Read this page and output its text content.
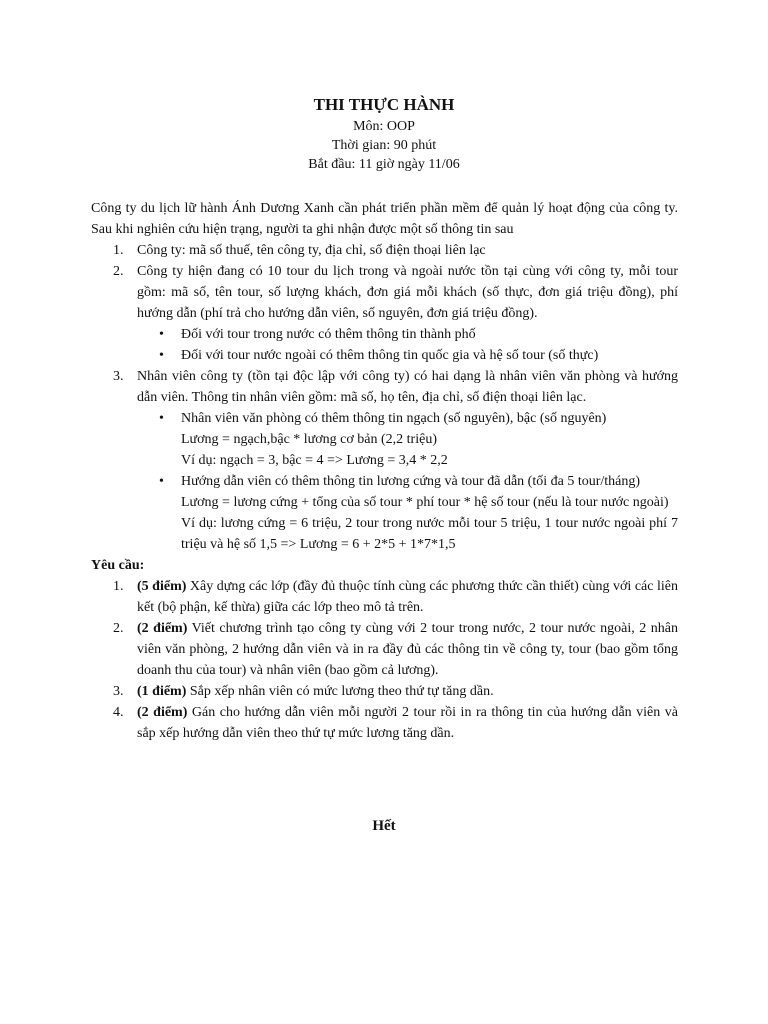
THI THỰC HÀNH

Môn: OOP

Thời gian: 90 phút

Bắt đầu: 11 giờ ngày 11/06

Công ty du lịch lữ hành Ánh Dương Xanh cần phát triển phần mềm để quản lý hoạt động của công ty. Sau khi nghiên cứu hiện trạng, người ta ghi nhận được một số thông tin sau

1. Công ty: mã số thuế, tên công ty, địa chỉ, số điện thoại liên lạc
2. Công ty hiện đang có 10 tour du lịch trong và ngoài nước tồn tại cùng với công ty, mỗi tour gồm: mã số, tên tour, số lượng khách, đơn giá mỗi khách (số thực, đơn giá triệu đồng), phí hướng dẫn (phí trả cho hướng dẫn viên, số nguyên, đơn giá triệu đồng).
• Đối với tour trong nước có thêm thông tin thành phố
• Đối với tour nước ngoài có thêm thông tin quốc gia và hệ số tour (số thực)
3. Nhân viên công ty (tồn tại độc lập với công ty) có hai dạng là nhân viên văn phòng và hướng dẫn viên. Thông tin nhân viên gồm: mã số, họ tên, địa chỉ, số điện thoại liên lạc.
• Nhân viên văn phòng có thêm thông tin ngạch (số nguyên), bậc (số nguyên)
Lương = ngạch,bậc * lương cơ bản (2,2 triệu)
Ví dụ: ngạch = 3, bậc = 4 => Lương = 3,4 * 2,2
• Hướng dẫn viên có thêm thông tin lương cứng và tour đã dẫn (tối đa 5 tour/tháng)
Lương = lương cứng + tổng của số tour * phí tour * hệ số tour (nếu là tour nước ngoài)
Ví dụ: lương cứng = 6 triệu, 2 tour trong nước mỗi tour 5 triệu, 1 tour nước ngoài phí 7 triệu và hệ số 1,5 => Lương = 6 + 2*5 + 1*7*1,5
Yêu cầu:
1. (5 điểm) Xây dựng các lớp (đầy đủ thuộc tính cùng các phương thức cần thiết) cùng với các liên kết (bộ phận, kế thừa) giữa các lớp theo mô tả trên.
2. (2 điểm) Viết chương trình tạo công ty cùng với 2 tour trong nước, 2 tour nước ngoài, 2 nhân viên văn phòng, 2 hướng dẫn viên và in ra đầy đủ các thông tin về công ty, tour (bao gồm tổng doanh thu của tour) và nhân viên (bao gồm cả lương).
3. (1 điểm) Sắp xếp nhân viên có mức lương theo thứ tự tăng dần.
4. (2 điểm) Gán cho hướng dẫn viên mỗi người 2 tour rồi in ra thông tin của hướng dẫn viên và sắp xếp hướng dẫn viên theo thứ tự mức lương tăng dần.
Hết
